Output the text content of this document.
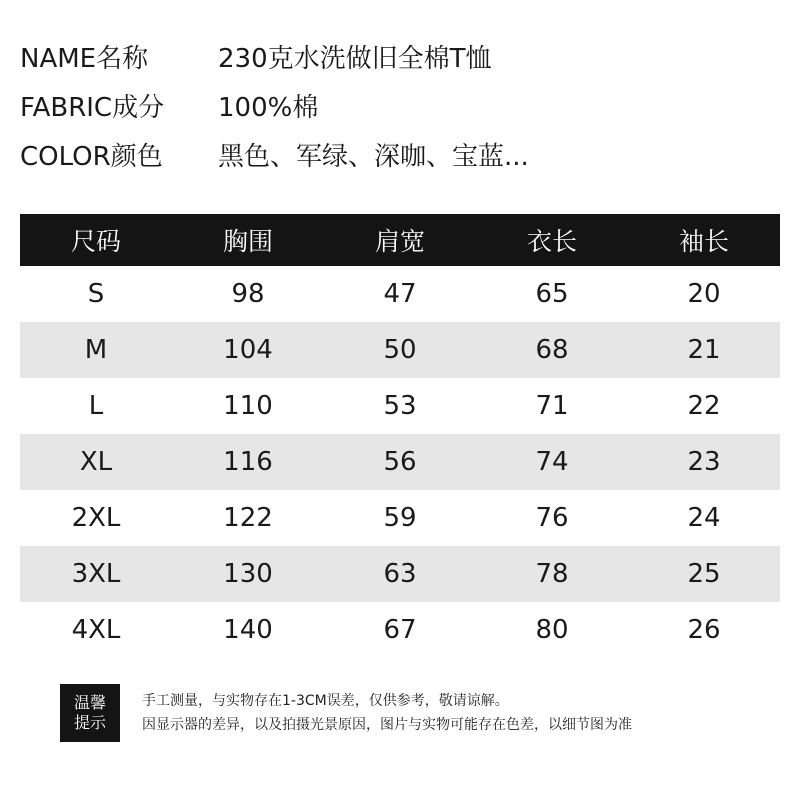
NAME名称	230克水洗做旧全棉T恤
FABRIC成分	100%棉
COLOR颜色	黑色、军绿、深咖、宝蓝...
尺码	胸围	肩宽	衣长	袖长
S	98	47	65	20
M	104	50	68	21
L	110	53	71	22
XL	116	56	74	23
2XL	122	59	76	24
3XL	130	63	78	25
4XL	140	67	80	26
温馨
提示
手工测量，与实物存在1-3CM误差，仅供参考，敬请谅解。
因显示器的差异，以及拍摄光景原因，图片与实物可能存在色差，以细节图为准
